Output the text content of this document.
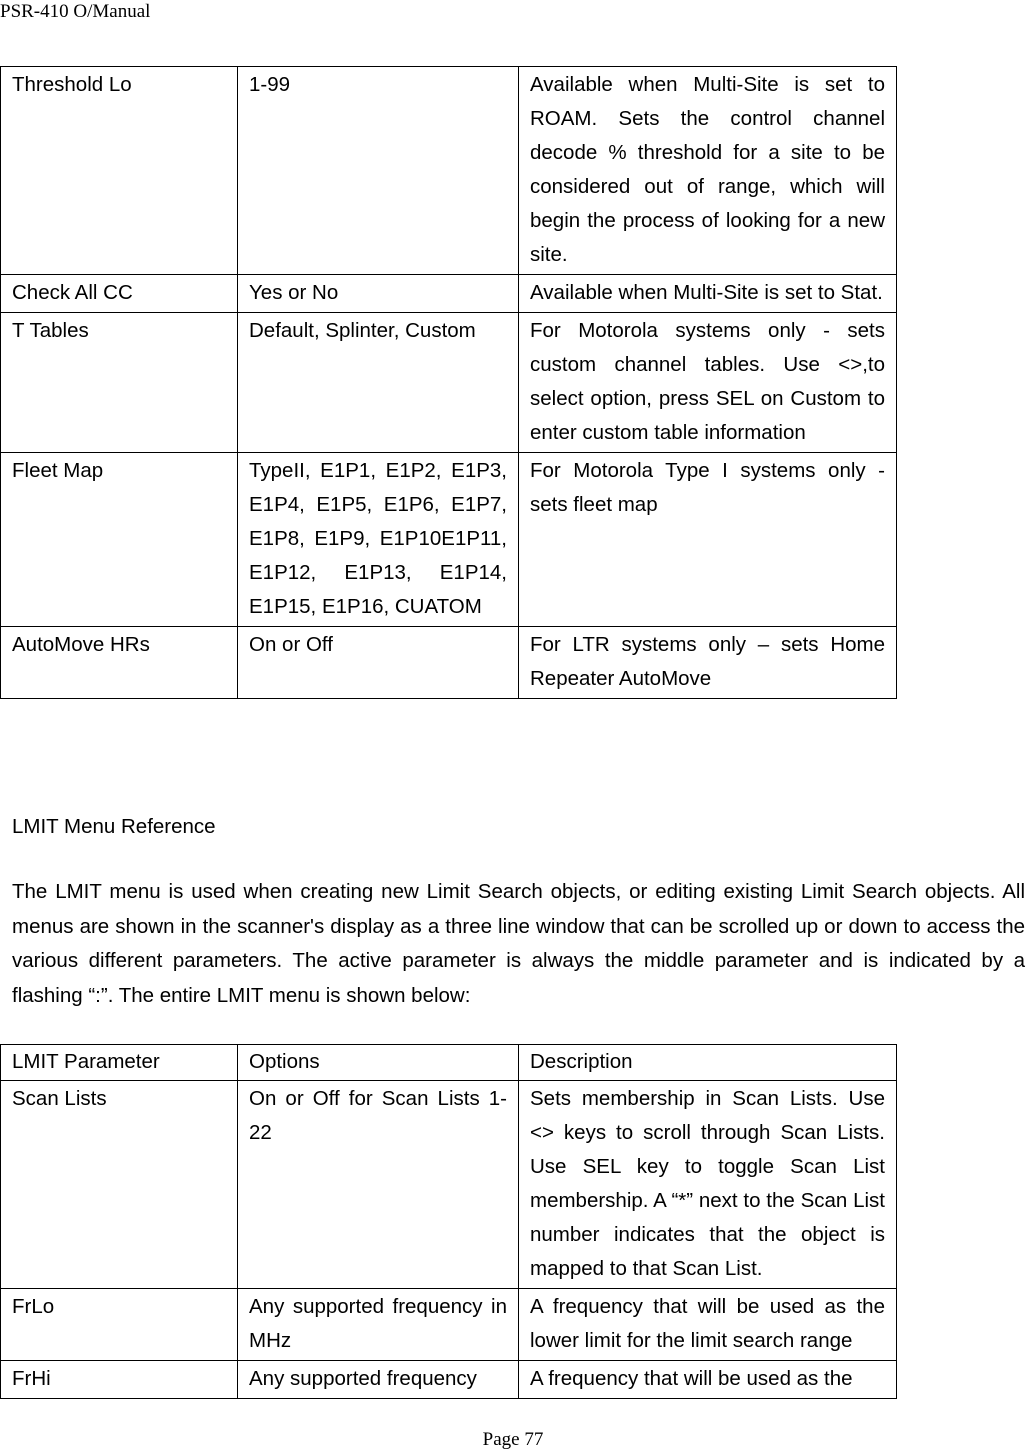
PSR-410 O/Manual
Threshold Lo	1-99	Available when Multi-Site is set to ROAM. Sets the control channel decode % threshold for a site to be considered out of range, which will begin the process of looking for a new site.
Check All CC	Yes or No	Available when Multi-Site is set to Stat.
T Tables	Default, Splinter, Custom	For Motorola systems only - sets custom channel tables. Use <>,to select option, press SEL on Custom to enter custom table information
Fleet Map	TypeII, E1P1, E1P2, E1P3, E1P4, E1P5, E1P6, E1P7, E1P8, E1P9, E1P10E1P11, E1P12, E1P13, E1P14, E1P15, E1P16, CUATOM	For Motorola Type I systems only - sets fleet map
AutoMove HRs	On or Off	For LTR systems only – sets Home Repeater AutoMove
LMIT Menu Reference
The LMIT menu is used when creating new Limit Search objects, or editing existing Limit Search objects. All menus are shown in the scanner's display as a three line window that can be scrolled up or down to access the various different parameters. The active parameter is always the middle parameter and is indicated by a flashing “:”. The entire LMIT menu is shown below:
LMIT Parameter	Options	Description
Scan Lists	On or Off for Scan Lists 1-22	Sets membership in Scan Lists. Use <> keys to scroll through Scan Lists. Use SEL key to toggle Scan List membership. A “*” next to the Scan List number indicates that the object is mapped to that Scan List.
FrLo	Any supported frequency in MHz	A frequency that will be used as the lower limit for the limit search range
FrHi	Any supported frequency	A frequency that will be used as the
Page 77
